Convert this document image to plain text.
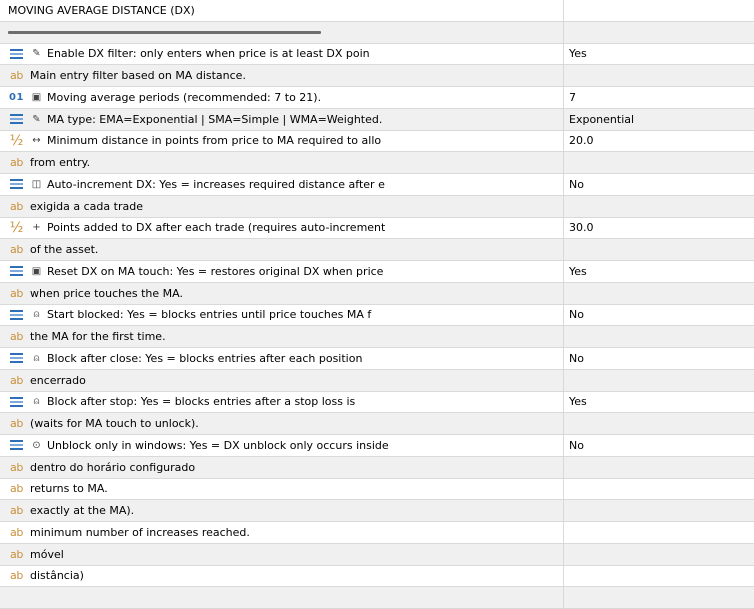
MOVING AVERAGE DISTANCE (DX)
✎ Enable DX filter: only enters when price is at least DX poin	Yes
ab Main entry filter based on MA distance.
01 ▣ Moving average periods (recommended: 7 to 21).	7
✎ MA type: EMA=Exponential | SMA=Simple | WMA=Weighted.	Exponential
½ ↔ Minimum distance in points from price to MA required to allo	20.0
ab from entry.
◫ Auto-increment DX: Yes = increases required distance after e	No
ab exigida a cada trade
½ + Points added to DX after each trade (requires auto-increment	30.0
ab of the asset.
▣ Reset DX on MA touch: Yes = restores original DX when price	Yes
ab when price touches the MA.
⍝ Start blocked: Yes = blocks entries until price touches MA f	No
ab the MA for the first time.
⍝ Block after close: Yes = blocks entries after each position	No
ab encerrado
⍝ Block after stop: Yes = blocks entries after a stop loss is	Yes
ab (waits for MA touch to unlock).
⊙ Unblock only in windows: Yes = DX unblock only occurs inside	No
ab dentro do horário configurado
ab returns to MA.
ab exactly at the MA).
ab minimum number of increases reached.
ab móvel
ab distância)
